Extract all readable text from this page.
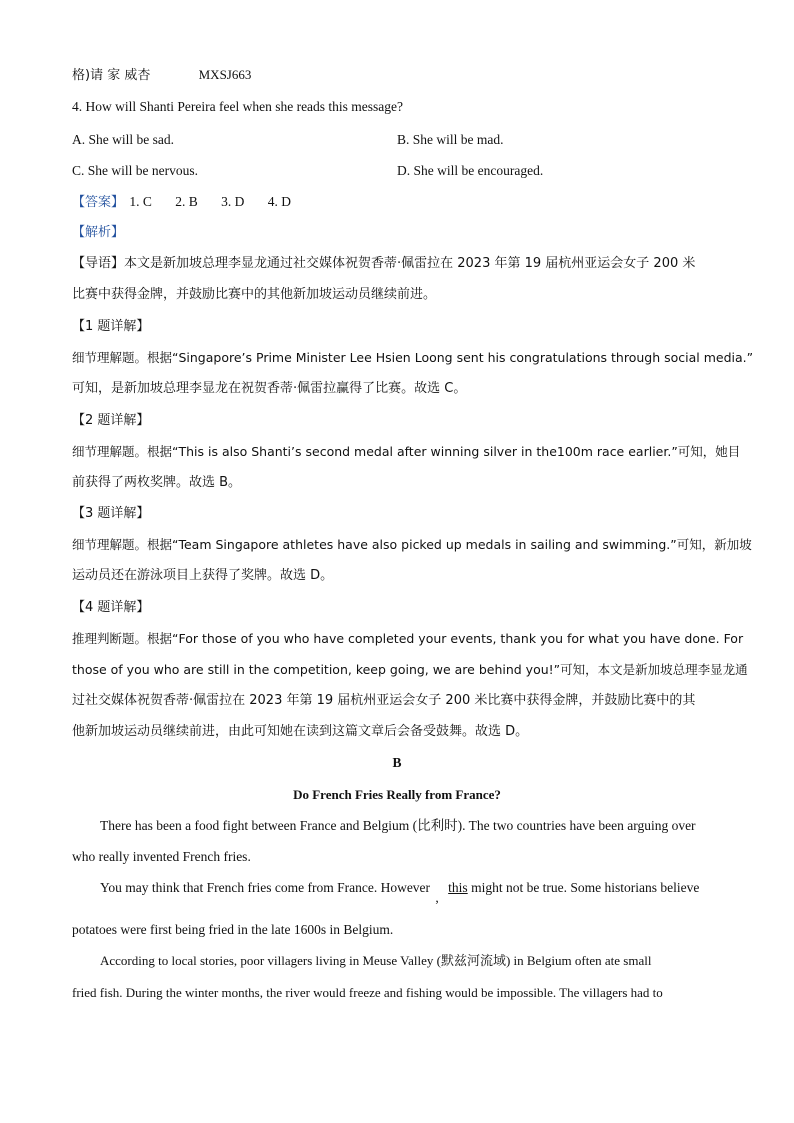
格)请 家 威杏	MXSJ663
4. How will Shanti Pereira feel when she reads this message?
A. She will be sad.	B. She will be mad.
C. She will be nervous.	D. She will be encouraged.
【答案】 1. C 2. B 3. D 4. D
【解析】
【导语】本文是新加坡总理李显龙通过社交媒体祝贺香蒂·佩雷拉在 2023 年第 19 届杭州亚运会女子 200 米
比赛中获得金牌，并鼓励比赛中的其他新加坡运动员继续前进。
【1 题详解】
细节理解题。根据“Singapore’s Prime Minister Lee Hsien Loong sent his congratulations through social media.”
可知，是新加坡总理李显龙在祝贺香蒂·佩雷拉赢得了比赛。故选 C。
【2 题详解】
细节理解题。根据“This is also Shanti’s second medal after winning silver in the100m race earlier.”可知，她目
前获得了两枚奖牌。故选 B。
【3 题详解】
细节理解题。根据“Team Singapore athletes have also picked up medals in sailing and swimming.”可知，新加坡
运动员还在游泳项目上获得了奖牌。故选 D。
【4 题详解】
推理判断题。根据“For those of you who have completed your events, thank you for what you have done. For
those of you who are still in the competition, keep going, we are behind you!”可知，本文是新加坡总理李显龙通
过社交媒体祝贺香蒂·佩雷拉在 2023 年第 19 届杭州亚运会女子 200 米比赛中获得金牌，并鼓励比赛中的其
他新加坡运动员继续前进，由此可知她在读到这篇文章后会备受鼓舞。故选 D。
B
Do French Fries Really from France?
There has been a food fight between France and Belgium (比利时). The two countries have been arguing over
who really invented French fries.
You may think that French fries come from France. However , this might not be true. Some historians believe
potatoes were first being fried in the late 1600s in Belgium.
According to local stories, poor villagers living in Meuse Valley (默兹河流域) in Belgium often ate small
fried fish. During the winter months, the river would freeze and fishing would be impossible. The villagers had to
